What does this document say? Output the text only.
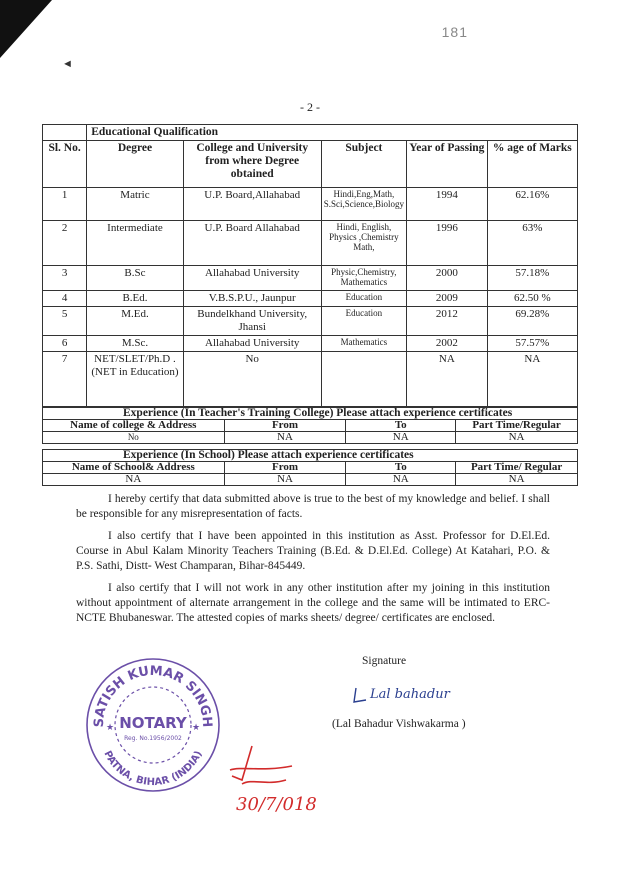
◄
181
- 2 -
	Educational Qualification				
Sl. No.	Degree	College and University from where Degree obtained	Subject	Year of Passing	% age of Marks
1	Matric	U.P. Board,Allahabad	Hindi,Eng,Math, S.Sci,Science,Biology	1994	62.16%
2	Intermediate	U.P. Board Allahabad	Hindi, English, Physics ,Chemistry Math,	1996	63%
3	B.Sc	Allahabad University	Physic,Chemistry, Mathematics	2000	57.18%
4	B.Ed.	V.B.S.P.U., Jaunpur	Education	2009	62.50 %
5	M.Ed.	Bundelkhand University, Jhansi	Education	2012	69.28%
6	M.Sc.	Allahabad University	Mathematics	2002	57.57%
7	NET/SLET/Ph.D . (NET in Education)	No		NA	NA
Experience (In Teacher's Training College) Please attach experience certificates			
Name of college & Address	From	To	Part Time/Regular
No	NA	NA	NA
Experience (In School) Please attach experience certificates			
Name of School& Address	From	To	Part Time/ Regular
NA	NA	NA	NA

I hereby certify that data submitted above is true to the best of my knowledge and belief. I shall be responsible for any misrepresentation of facts.

I also certify that I have been appointed in this institution as Asst. Professor for D.El.Ed. Course in Abul Kalam Minority Teachers Training (B.Ed. & D.El.Ed. College) At Katahari, P.O. & P.S. Sathi, Distt- West Champaran, Bihar-845449.

I also certify that I will not work in any other institution after my joining in this institution without appointment of alternate arrangement in the college and the same will be intimated to ERC-NCTE Bhubaneswar. The attested copies of marks sheets/ degree/ certificates are enclosed.

Signature
Lal bahadur
(Lal Bahadur Vishwakarma )
SATISH KUMAR SINGH
PATNA, BIHAR (INDIA)
NOTARY
Reg. No.1956/2002
★	★
30/7/018
